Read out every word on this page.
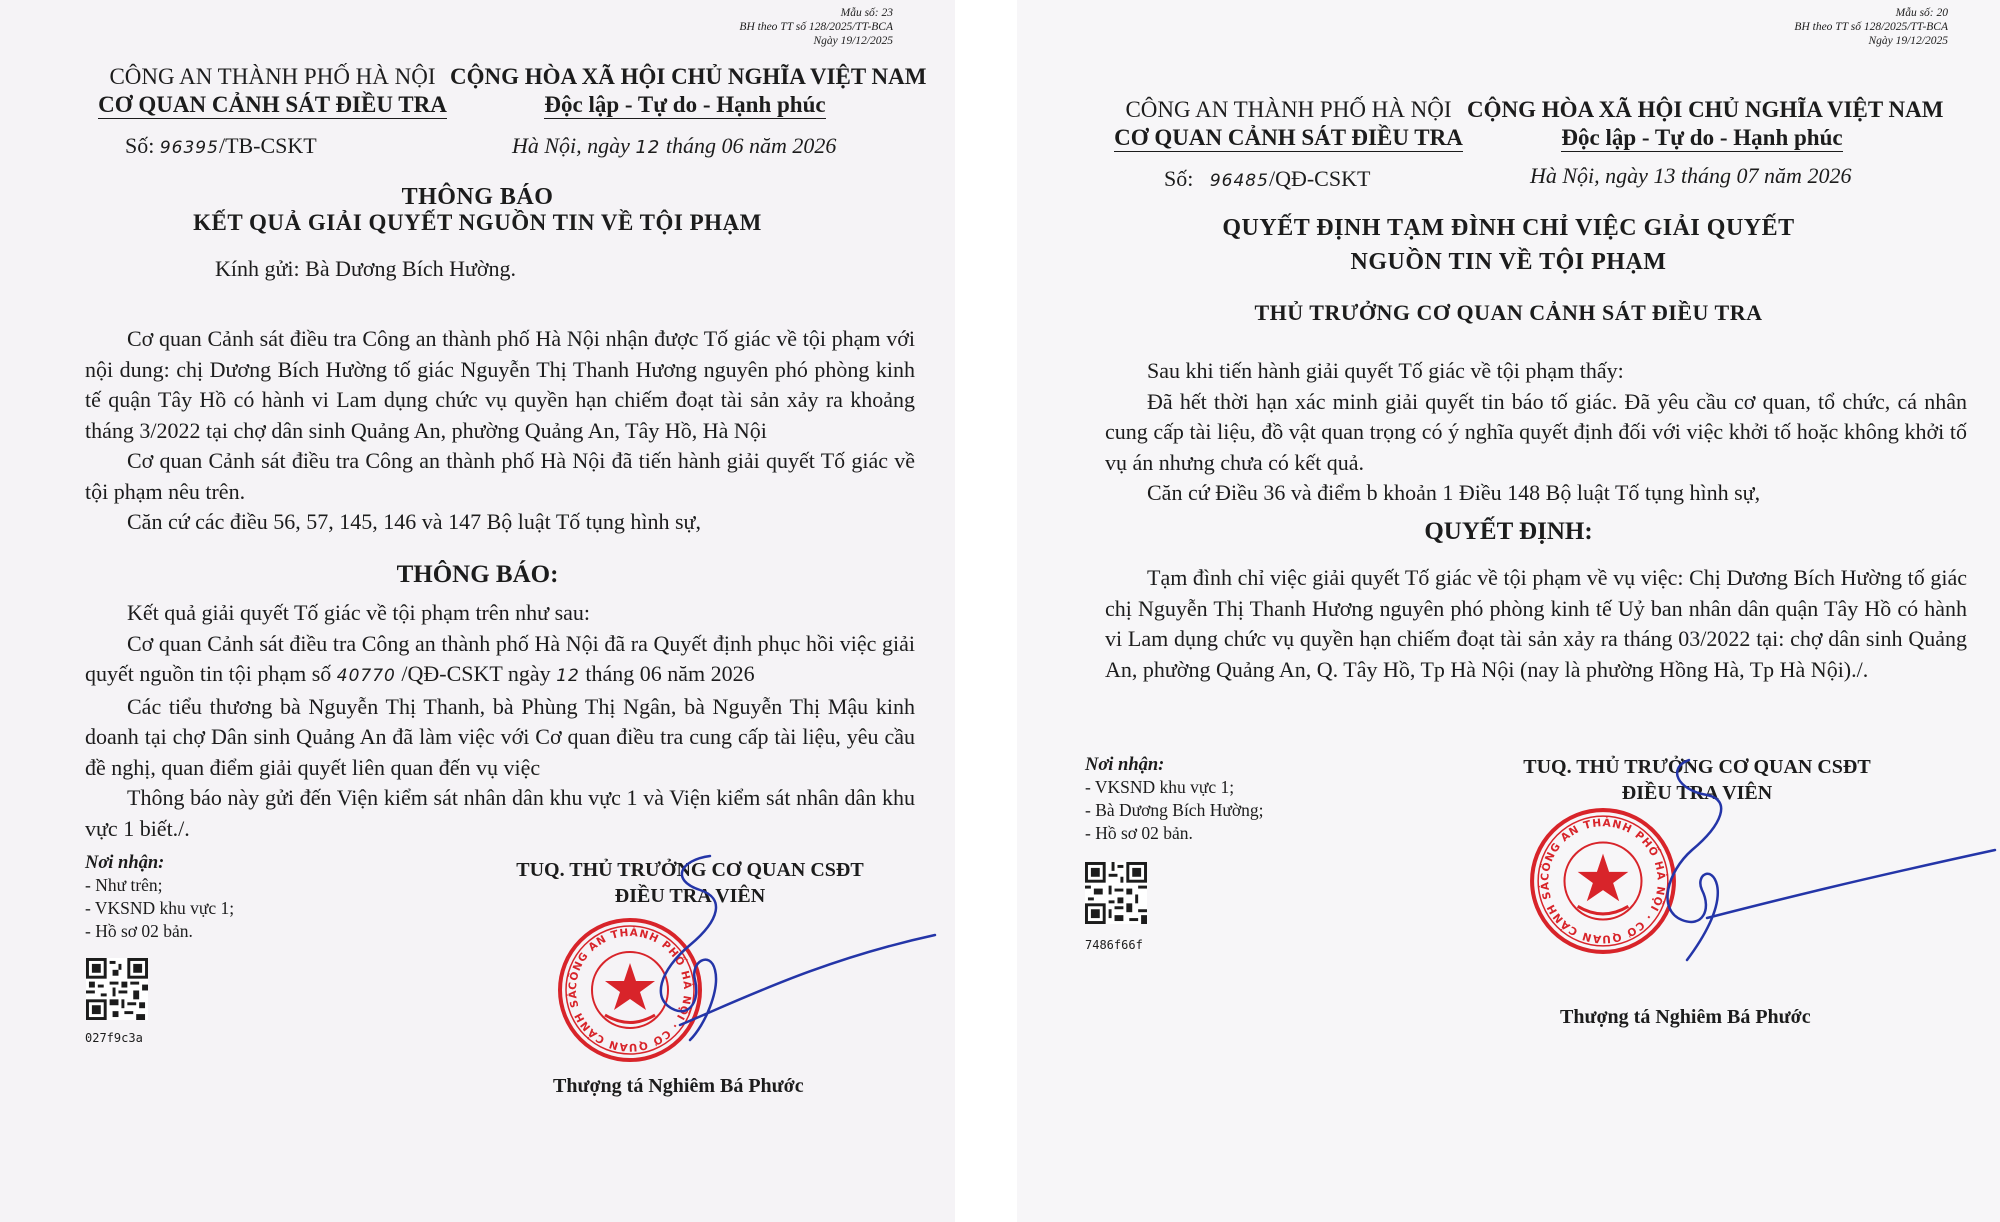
Mẫu số: 23
BH theo TT số 128/2025/TT-BCA
Ngày 19/12/2025
CÔNG AN THÀNH PHỐ HÀ NỘI
CƠ QUAN CẢNH SÁT ĐIỀU TRA
CỘNG HÒA XÃ HỘI CHỦ NGHĨA VIỆT NAM
Độc lập - Tự do - Hạnh phúc
Số: 96395/TB-CSKT	Hà Nội, ngày 12 tháng 06 năm 2026
THÔNG BÁO
KẾT QUẢ GIẢI QUYẾT NGUỒN TIN VỀ TỘI PHẠM
Kính gửi: Bà Dương Bích Hường.

Cơ quan Cảnh sát điều tra Công an thành phố Hà Nội nhận được Tố giác về tội phạm với nội dung: chị Dương Bích Hường tố giác Nguyễn Thị Thanh Hương nguyên phó phòng kinh tế quận Tây Hồ có hành vi Lam dụng chức vụ quyền hạn chiếm đoạt tài sản xảy ra khoảng tháng 3/2022 tại chợ dân sinh Quảng An, phường Quảng An, Tây Hồ, Hà Nội

Cơ quan Cảnh sát điều tra Công an thành phố Hà Nội đã tiến hành giải quyết Tố giác về tội phạm nêu trên.

Căn cứ các điều 56, 57, 145, 146 và 147 Bộ luật Tố tụng hình sự,

THÔNG BÁO:

Kết quả giải quyết Tố giác về tội phạm trên như sau:

Cơ quan Cảnh sát điều tra Công an thành phố Hà Nội đã ra Quyết định phục hồi việc giải quyết nguồn tin tội phạm số 40770 /QĐ-CSKT ngày 12 tháng 06 năm 2026

Các tiểu thương bà Nguyễn Thị Thanh, bà Phùng Thị Ngân, bà Nguyễn Thị Mậu kinh doanh tại chợ Dân sinh Quảng An đã làm việc với Cơ quan điều tra cung cấp tài liệu, yêu cầu đề nghị, quan điểm giải quyết liên quan đến vụ việc

Thông báo này gửi đến Viện kiểm sát nhân dân khu vực 1 và Viện kiểm sát nhân dân khu vực 1 biết./.

Nơi nhận:
- Như trên;
- VKSND khu vực 1;
- Hồ sơ 02 bản.
027f9c3a
TUQ. THỦ TRƯỞNG CƠ QUAN CSĐT
ĐIỀU TRA VIÊN
CÔNG AN THÀNH PHỐ HÀ NỘI · CƠ QUAN CẢNH SÁT ĐIỀU TRA
Thượng tá Nghiêm Bá Phước
Mẫu số: 20
BH theo TT số 128/2025/TT-BCA
Ngày 19/12/2025
CÔNG AN THÀNH PHỐ HÀ NỘI
CƠ QUAN CẢNH SÁT ĐIỀU TRA
CỘNG HÒA XÃ HỘI CHỦ NGHĨA VIỆT NAM
Độc lập - Tự do - Hạnh phúc
Số: 96485/QĐ-CSKT	Hà Nội, ngày 13 tháng 07 năm 2026
QUYẾT ĐỊNH TẠM ĐÌNH CHỈ VIỆC GIẢI QUYẾT
NGUỒN TIN VỀ TỘI PHẠM
THỦ TRƯỞNG CƠ QUAN CẢNH SÁT ĐIỀU TRA

Sau khi tiến hành giải quyết Tố giác về tội phạm thấy:

Đã hết thời hạn xác minh giải quyết tin báo tố giác. Đã yêu cầu cơ quan, tổ chức, cá nhân cung cấp tài liệu, đồ vật quan trọng có ý nghĩa quyết định đối với việc khởi tố hoặc không khởi tố vụ án nhưng chưa có kết quả.

Căn cứ Điều 36 và điểm b khoản 1 Điều 148 Bộ luật Tố tụng hình sự,

QUYẾT ĐỊNH:

Tạm đình chỉ việc giải quyết Tố giác về tội phạm về vụ việc: Chị Dương Bích Hường tố giác chị Nguyễn Thị Thanh Hương nguyên phó phòng kinh tế Uỷ ban nhân dân quận Tây Hồ có hành vi Lam dụng chức vụ quyền hạn chiếm đoạt tài sản xảy ra tháng 03/2022 tại: chợ dân sinh Quảng An, phường Quảng An, Q. Tây Hồ, Tp Hà Nội (nay là phường Hồng Hà, Tp Hà Nội)./.

Nơi nhận:
- VKSND khu vực 1;
- Bà Dương Bích Hường;
- Hồ sơ 02 bản.
7486f66f
TUQ. THỦ TRƯỞNG CƠ QUAN CSĐT
ĐIỀU TRA VIÊN
CÔNG AN THÀNH PHỐ HÀ NỘI · CƠ QUAN CẢNH SÁT ĐIỀU TRA
Thượng tá Nghiêm Bá Phước
